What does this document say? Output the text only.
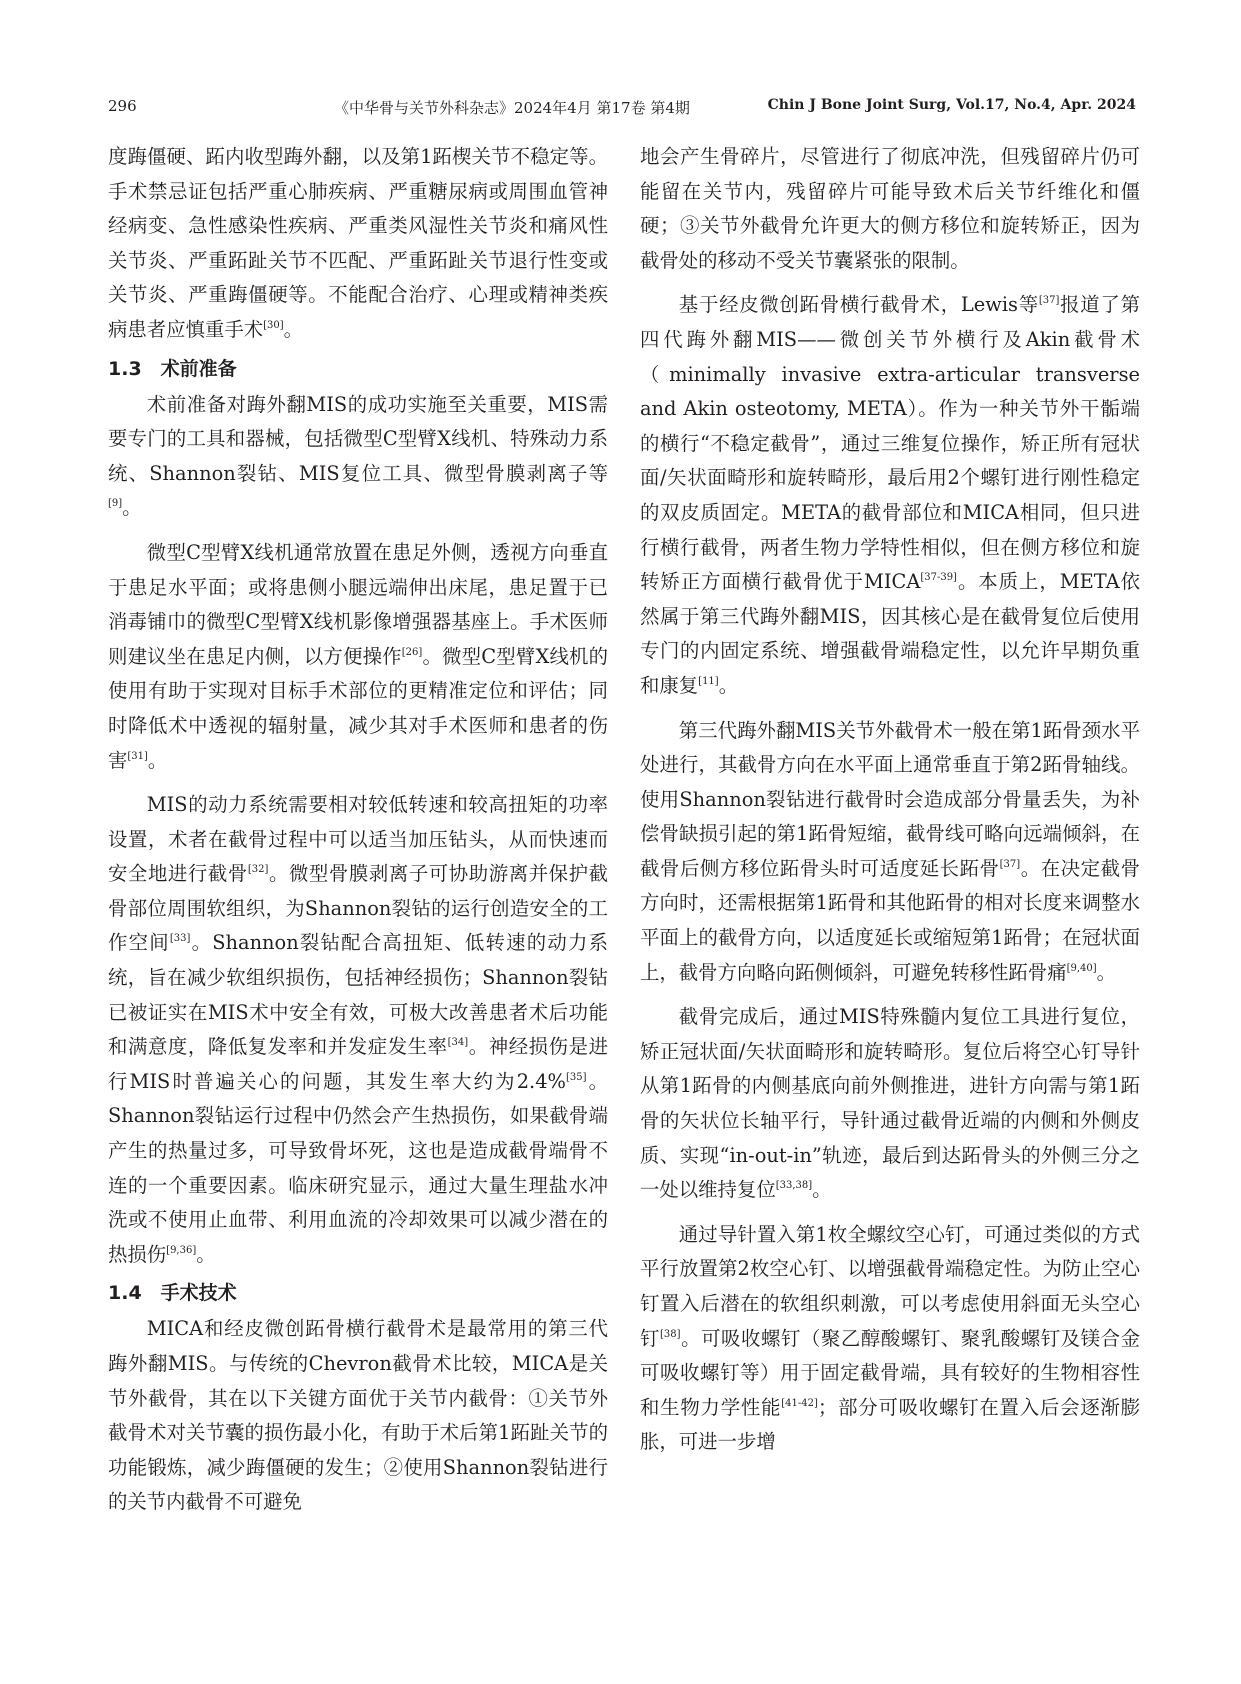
296	《中华骨与关节外科杂志》2024年4月 第17卷 第4期	Chin J Bone Joint Surg, Vol.17, No.4, Apr. 2024

度踇僵硬、跖内收型踇外翻，以及第1跖楔关节不稳定等。手术禁忌证包括严重心肺疾病、严重糖尿病或周围血管神经病变、急性感染性疾病、严重类风湿性关节炎和痛风性关节炎、严重跖趾关节不匹配、严重跖趾关节退行性变或关节炎、严重踇僵硬等。不能配合治疗、心理或精神类疾病患者应慎重手术[30]。

1.3　术前准备

术前准备对踇外翻MIS的成功实施至关重要，MIS需要专门的工具和器械，包括微型C型臂X线机、特殊动力系统、Shannon裂钻、MIS复位工具、微型骨膜剥离子等[9]。

微型C型臂X线机通常放置在患足外侧，透视方向垂直于患足水平面；或将患侧小腿远端伸出床尾，患足置于已消毒铺巾的微型C型臂X线机影像增强器基座上。手术医师则建议坐在患足内侧，以方便操作[26]。微型C型臂X线机的使用有助于实现对目标手术部位的更精准定位和评估；同时降低术中透视的辐射量，减少其对手术医师和患者的伤害[31]。

MIS的动力系统需要相对较低转速和较高扭矩的功率设置，术者在截骨过程中可以适当加压钻头，从而快速而安全地进行截骨[32]。微型骨膜剥离子可协助游离并保护截骨部位周围软组织，为Shannon裂钻的运行创造安全的工作空间[33]。Shannon裂钻配合高扭矩、低转速的动力系统，旨在减少软组织损伤，包括神经损伤；Shannon裂钻已被证实在MIS术中安全有效，可极大改善患者术后功能和满意度，降低复发率和并发症发生率[34]。神经损伤是进行MIS时普遍关心的问题，其发生率大约为2.4%[35]。Shannon裂钻运行过程中仍然会产生热损伤，如果截骨端产生的热量过多，可导致骨坏死，这也是造成截骨端骨不连的一个重要因素。临床研究显示，通过大量生理盐水冲洗或不使用止血带、利用血流的冷却效果可以减少潜在的热损伤[9,36]。

1.4　手术技术

MICA和经皮微创跖骨横行截骨术是最常用的第三代踇外翻MIS。与传统的Chevron截骨术比较，MICA是关节外截骨，其在以下关键方面优于关节内截骨：①关节外截骨术对关节囊的损伤最小化，有助于术后第1跖趾关节的功能锻炼，减少踇僵硬的发生；②使用Shannon裂钻进行的关节内截骨不可避免

地会产生骨碎片，尽管进行了彻底冲洗，但残留碎片仍可能留在关节内，残留碎片可能导致术后关节纤维化和僵硬；③关节外截骨允许更大的侧方移位和旋转矫正，因为截骨处的移动不受关节囊紧张的限制。

基于经皮微创跖骨横行截骨术，Lewis等[37]报道了第四代踇外翻MIS——微创关节外横行及Akin截骨术（minimally invasive extra-articular transverse and Akin osteotomy, META）。作为一种关节外干骺端的横行“不稳定截骨”，通过三维复位操作，矫正所有冠状面/矢状面畸形和旋转畸形，最后用2个螺钉进行刚性稳定的双皮质固定。META的截骨部位和MICA相同，但只进行横行截骨，两者生物力学特性相似，但在侧方移位和旋转矫正方面横行截骨优于MICA[37-39]。本质上，META依然属于第三代踇外翻MIS，因其核心是在截骨复位后使用专门的内固定系统、增强截骨端稳定性，以允许早期负重和康复[11]。

第三代踇外翻MIS关节外截骨术一般在第1跖骨颈水平处进行，其截骨方向在水平面上通常垂直于第2跖骨轴线。使用Shannon裂钻进行截骨时会造成部分骨量丢失，为补偿骨缺损引起的第1跖骨短缩，截骨线可略向远端倾斜，在截骨后侧方移位跖骨头时可适度延长跖骨[37]。在决定截骨方向时，还需根据第1跖骨和其他跖骨的相对长度来调整水平面上的截骨方向，以适度延长或缩短第1跖骨；在冠状面上，截骨方向略向跖侧倾斜，可避免转移性跖骨痛[9,40]。

截骨完成后，通过MIS特殊髓内复位工具进行复位，矫正冠状面/矢状面畸形和旋转畸形。复位后将空心钉导针从第1跖骨的内侧基底向前外侧推进，进针方向需与第1跖骨的矢状位长轴平行，导针通过截骨近端的内侧和外侧皮质、实现“in-out-in”轨迹，最后到达跖骨头的外侧三分之一处以维持复位[33,38]。

通过导针置入第1枚全螺纹空心钉，可通过类似的方式平行放置第2枚空心钉、以增强截骨端稳定性。为防止空心钉置入后潜在的软组织刺激，可以考虑使用斜面无头空心钉[38]。可吸收螺钉（聚乙醇酸螺钉、聚乳酸螺钉及镁合金可吸收螺钉等）用于固定截骨端，具有较好的生物相容性和生物力学性能[41-42]；部分可吸收螺钉在置入后会逐渐膨胀，可进一步增
